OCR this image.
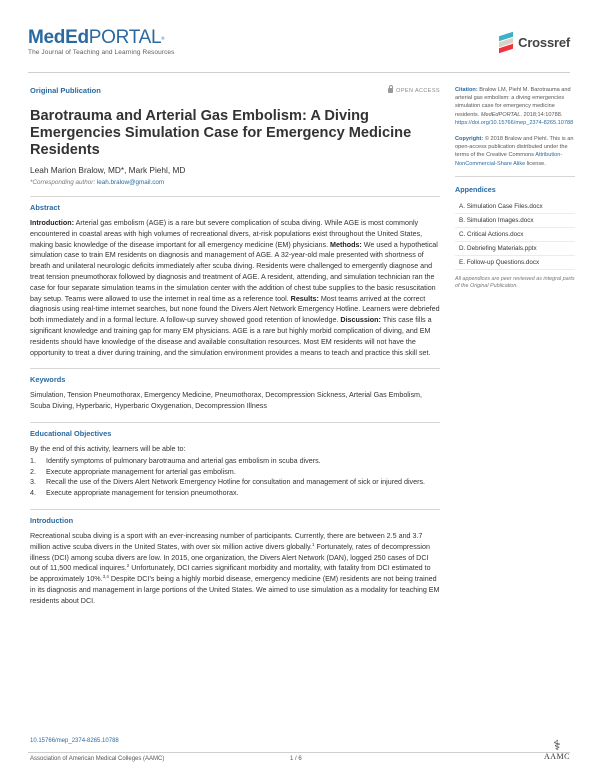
MedEdPORTAL®
The Journal of Teaching and Learning Resources
Crossref
Original Publication	OPEN ACCESS
Barotrauma and Arterial Gas Embolism: A Diving Emergencies Simulation Case for Emergency Medicine Residents
Leah Marion Bralow, MD*, Mark Piehl, MD
*Corresponding author: leah.bralow@gmail.com
Abstract

Introduction: Arterial gas embolism (AGE) is a rare but severe complication of scuba diving. While AGE is most commonly encountered in coastal areas with high volumes of recreational divers, at-risk populations exist throughout the United States, making basic knowledge of the disease important for all emergency medicine (EM) physicians. Methods: We used a hypothetical simulation case to train EM residents on diagnosis and management of AGE. A 32-year-old male presented with shortness of breath and unilateral neurologic deficits immediately after scuba diving. Residents were challenged to emergently diagnose and treat tension pneumothorax followed by diagnosis and treatment of AGE. A resident, attending, and simulation technician ran the case for four separate simulation teams in the simulation center with the addition of chest tube supplies to the basic resuscitation bay setup. Teams were allowed to use the internet in real time as a reference tool. Results: Most teams arrived at the correct diagnosis using real-time internet searches, but none found the Divers Alert Network Emergency Hotline. Learners were debriefed both immediately and in a formal lecture. A follow-up survey showed good retention of knowledge. Discussion: This case fills a significant knowledge and training gap for many EM physicians. AGE is a rare but highly morbid complication of diving, and EM residents should have knowledge of the disease and available consultation resources. Most EM residents will not have the opportunity to treat a diver during training, and the simulation environment provides a means to teach and practice this skill set.

Keywords

Simulation, Tension Pneumothorax, Emergency Medicine, Pneumothorax, Decompression Sickness, Arterial Gas Embolism, Scuba Diving, Hyperbaric, Hyperbaric Oxygenation, Decompression Illness

Educational Objectives

By the end of this activity, learners will be able to:

1.	Identify symptoms of pulmonary barotrauma and arterial gas embolism in scuba divers.
2.	Execute appropriate management for arterial gas embolism.
3.	Recall the use of the Divers Alert Network Emergency Hotline for consultation and management of sick or injured divers.
4.	Execute appropriate management for tension pneumothorax.
Introduction

Recreational scuba diving is a sport with an ever-increasing number of participants. Currently, there are between 2.5 and 3.7 million active scuba divers in the United States, with over six million active divers globally.$^1$ Fortunately, rates of decompression illness (DCI) among scuba divers are low. In 2015, one organization, the Divers Alert Network (DAN), logged 250 cases of DCI out of 11,500 medical inquires.$^2$ Unfortunately, DCI carries significant morbidity and mortality, with fatality from DCI estimated to be approximately 10%.$^{3,4}$ Despite DCI’s being a highly morbid disease, emergency medicine (EM) residents are not being trained in its diagnosis and management in large portions of the United States. We aimed to use simulation as a modality for teaching EM residents about DCI.

Citation: Bralow LM, Piehl M. Barotrauma and arterial gas embolism: a diving emergencies simulation case for emergency medicine residents. MedEdPORTAL. 2018;14:10788. https://doi.org/10.15766/mep_2374-8265.10788

Copyright: © 2018 Bralow and Piehl. This is an open-access publication distributed under the terms of the Creative Commons Attribution-NonCommercial-Share Alike license.

Appendices
A. Simulation Case Files.docx
B. Simulation Images.docx
C. Critical Actions.docx
D. Debriefing Materials.pptx
E. Follow-up Questions.docx

All appendices are peer reviewed as integral parts of the Original Publication.

10.15766/mep_2374-8265.10788
Association of American Medical Colleges (AAMC)	1 / 6
⚕
AAMC
